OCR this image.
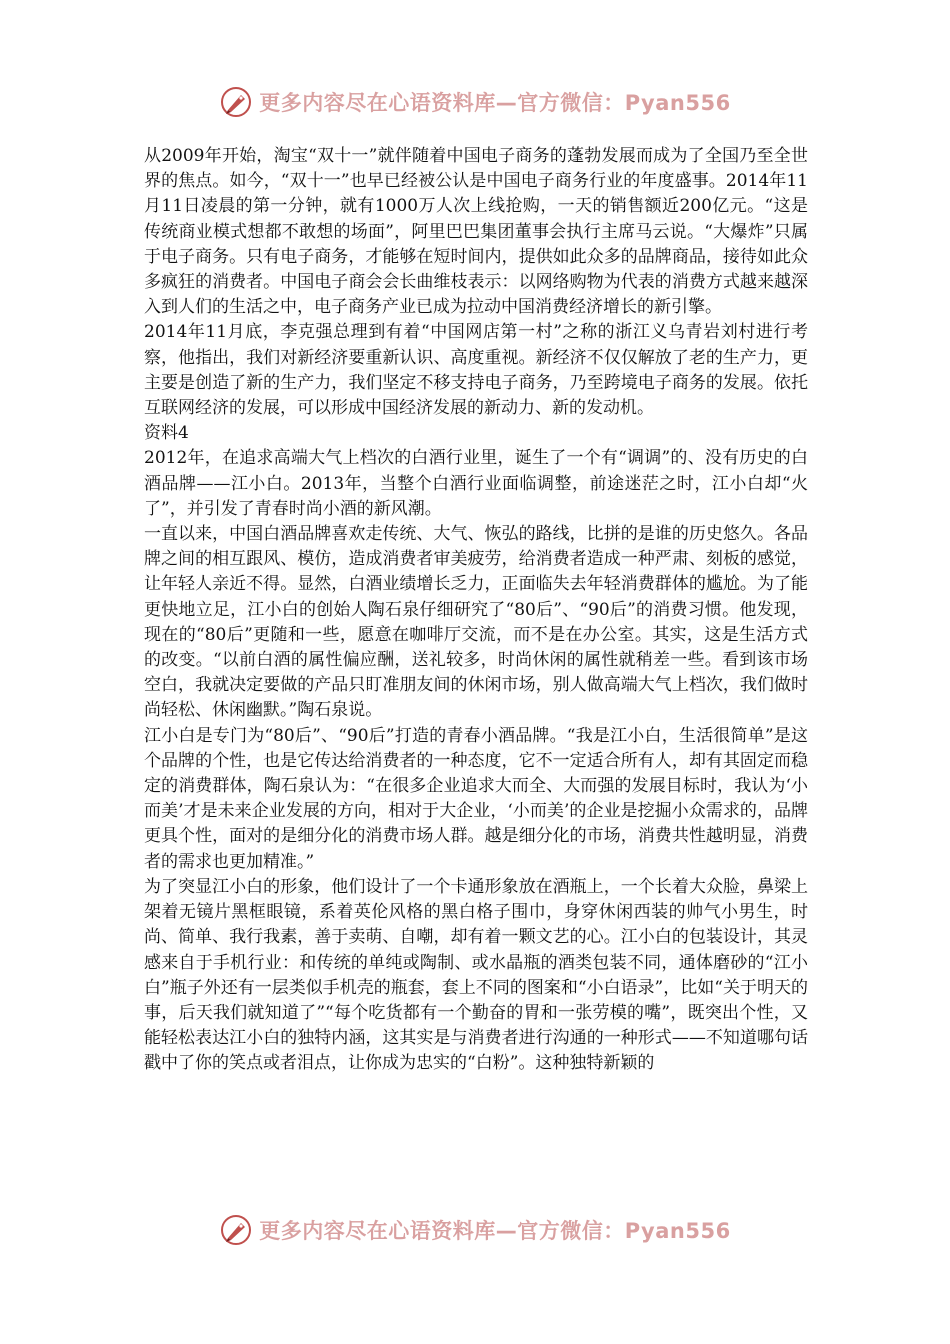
更多内容尽在心语资料库—官方微信：Pyan556

从2009年开始，淘宝“双十一”就伴随着中国电子商务的蓬勃发展而成为了全国乃至全世界的焦点。如今，“双十一”也早已经被公认是中国电子商务行业的年度盛事。2014年11月11日凌晨的第一分钟，就有1000万人次上线抢购，一天的销售额近200亿元。“这是传统商业模式想都不敢想的场面”，阿里巴巴集团董事会执行主席马云说。“大爆炸”只属于电子商务。只有电子商务，才能够在短时间内，提供如此众多的品牌商品，接待如此众多疯狂的消费者。中国电子商会会长曲维枝表示：以网络购物为代表的消费方式越来越深入到人们的生活之中，电子商务产业已成为拉动中国消费经济增长的新引擎。

2014年11月底，李克强总理到有着“中国网店第一村”之称的浙江义乌青岩刘村进行考察，他指出，我们对新经济要重新认识、高度重视。新经济不仅仅解放了老的生产力，更主要是创造了新的生产力，我们坚定不移支持电子商务，乃至跨境电子商务的发展。依托互联网经济的发展，可以形成中国经济发展的新动力、新的发动机。

资料4

2012年，在追求高端大气上档次的白酒行业里，诞生了一个有“调调”的、没有历史的白酒品牌——江小白。2013年，当整个白酒行业面临调整，前途迷茫之时，江小白却“火了”，并引发了青春时尚小酒的新风潮。

一直以来，中国白酒品牌喜欢走传统、大气、恢弘的路线，比拼的是谁的历史悠久。各品牌之间的相互跟风、模仿，造成消费者审美疲劳，给消费者造成一种严肃、刻板的感觉，让年轻人亲近不得。显然，白酒业绩增长乏力，正面临失去年轻消费群体的尴尬。为了能更快地立足，江小白的创始人陶石泉仔细研究了“80后”、“90后”的消费习惯。他发现，现在的“80后”更随和一些，愿意在咖啡厅交流，而不是在办公室。其实，这是生活方式的改变。“以前白酒的属性偏应酬，送礼较多，时尚休闲的属性就稍差一些。看到该市场空白，我就决定要做的产品只盯准朋友间的休闲市场，别人做高端大气上档次，我们做时尚轻松、休闲幽默。”陶石泉说。

江小白是专门为“80后”、“90后”打造的青春小酒品牌。“我是江小白，生活很简单”是这个品牌的个性，也是它传达给消费者的一种态度，它不一定适合所有人，却有其固定而稳定的消费群体，陶石泉认为：“在很多企业追求大而全、大而强的发展目标时，我认为‘小而美’才是未来企业发展的方向，相对于大企业，‘小而美’的企业是挖掘小众需求的，品牌更具个性，面对的是细分化的消费市场人群。越是细分化的市场，消费共性越明显，消费者的需求也更加精准。”

为了突显江小白的形象，他们设计了一个卡通形象放在酒瓶上，一个长着大众脸，鼻梁上架着无镜片黑框眼镜，系着英伦风格的黑白格子围巾，身穿休闲西装的帅气小男生，时尚、简单、我行我素，善于卖萌、自嘲，却有着一颗文艺的心。江小白的包装设计，其灵感来自于手机行业：和传统的单纯或陶制、或水晶瓶的酒类包装不同，通体磨砂的“江小白”瓶子外还有一层类似手机壳的瓶套，套上不同的图案和“小白语录”，比如“关于明天的事，后天我们就知道了”“每个吃货都有一个勤奋的胃和一张劳模的嘴”，既突出个性，又能轻松表达江小白的独特内涵，这其实是与消费者进行沟通的一种形式——不知道哪句话戳中了你的笑点或者泪点，让你成为忠实的“白粉”。这种独特新颖的

更多内容尽在心语资料库—官方微信：Pyan556
